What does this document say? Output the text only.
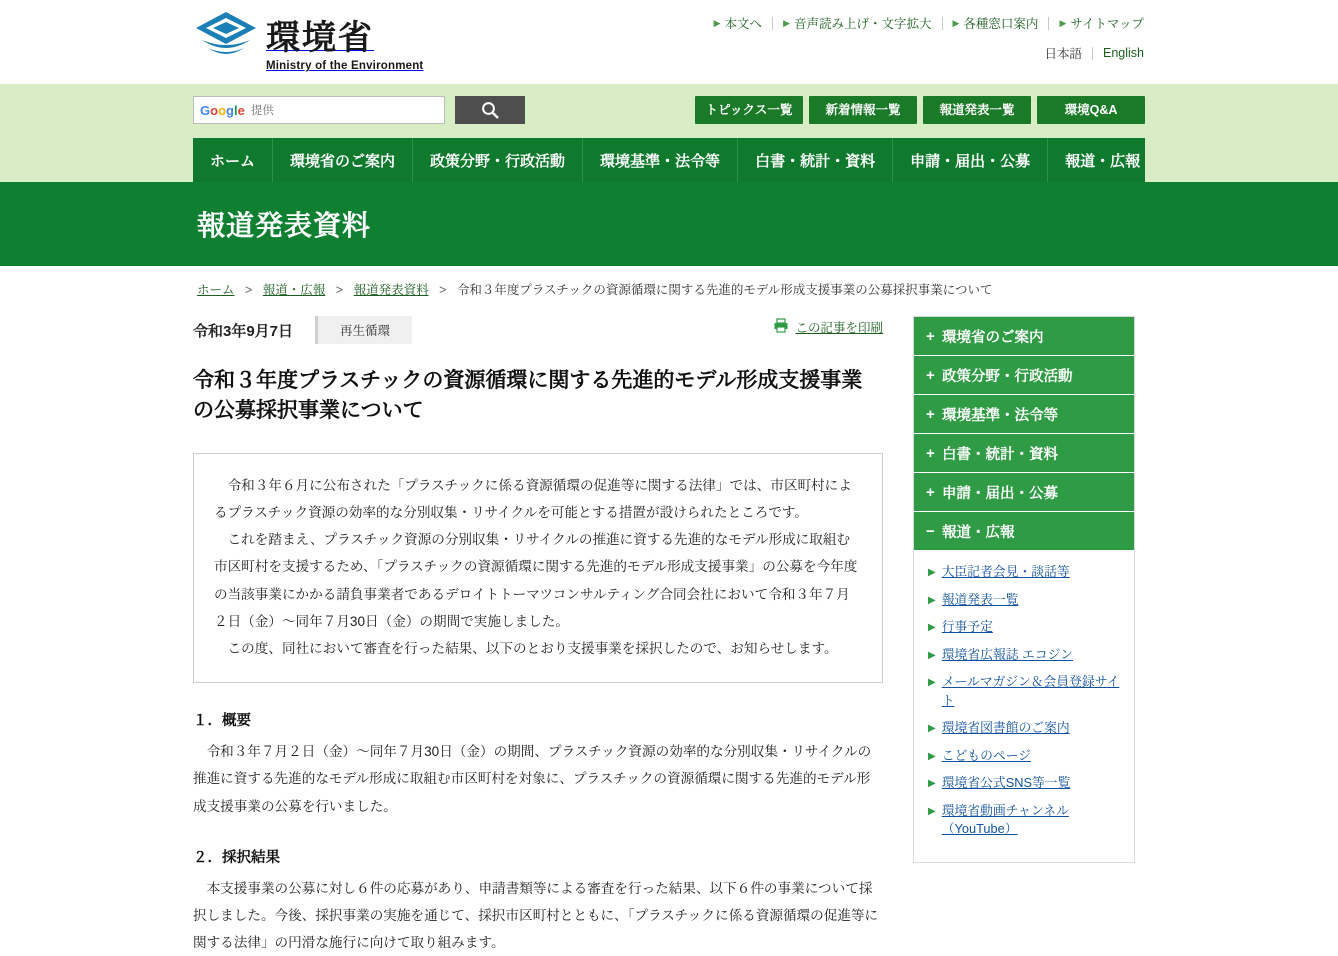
環境省
Ministry of the Environment
▶ 本文へ ▶ 音声読み上げ・文字拡大 ▶ 各種窓口案内 ▶ サイトマップ
日本語	English
G o o g l e 提供	トピックス一覧	新着情報一覧	報道発表一覧	環境Q&A
ホーム	環境省のご案内	政策分野・行政活動	環境基準・法令等	白書・統計・資料	申請・届出・公募	報道・広報
報道発表資料
ホーム > 報道・広報 > 報道発表資料 > 令和３年度プラスチックの資源循環に関する先進的モデル形成支援事業の公募採択事業について
令和3年9月7日	再生循環	この記事を印刷
令和３年度プラスチックの資源循環に関する先進的モデル形成支援事業の公募採択事業について

令和３年６月に公布された「プラスチックに係る資源循環の促進等に関する法律」では、市区町村によるプラスチック資源の効率的な分別収集・リサイクルを可能とする措置が設けられたところです。

これを踏まえ、プラスチック資源の分別収集・リサイクルの推進に資する先進的なモデル形成に取組む市区町村を支援するため、「プラスチックの資源循環に関する先進的モデル形成支援事業」の公募を今年度の当該事業にかかる請負事業者であるデロイトトーマツコンサルティング合同会社において令和３年７月２日（金）〜同年７月30日（金）の期間で実施しました。

この度、同社において審査を行った結果、以下のとおり支援事業を採択したので、お知らせします。

１．概要

令和３年７月２日（金）〜同年７月30日（金）の期間、プラスチック資源の効率的な分別収集・リサイクルの推進に資する先進的なモデル形成に取組む市区町村を対象に、プラスチックの資源循環に関する先進的モデル形成支援事業の公募を行いました。

２．採択結果

本支援事業の公募に対し６件の応募があり、申請書類等による審査を行った結果、以下６件の事業について採択しました。今後、採択事業の実施を通じて、採択市区町村とともに、「プラスチックに係る資源循環の促進等に関する法律」の円滑な施行に向けて取り組みます。

+ 環境省のご案内
+ 政策分野・行政活動
+ 環境基準・法令等
+ 白書・統計・資料
+ 申請・届出・公募
− 報道・広報
▶ 大臣記者会見・談話等
▶ 報道発表一覧
▶ 行事予定
▶ 環境省広報誌 エコジン
▶ メールマガジン＆会員登録サイト
▶ 環境省図書館のご案内
▶ こどものページ
▶ 環境省公式SNS等一覧
▶ 環境省動画チャンネル（YouTube）
